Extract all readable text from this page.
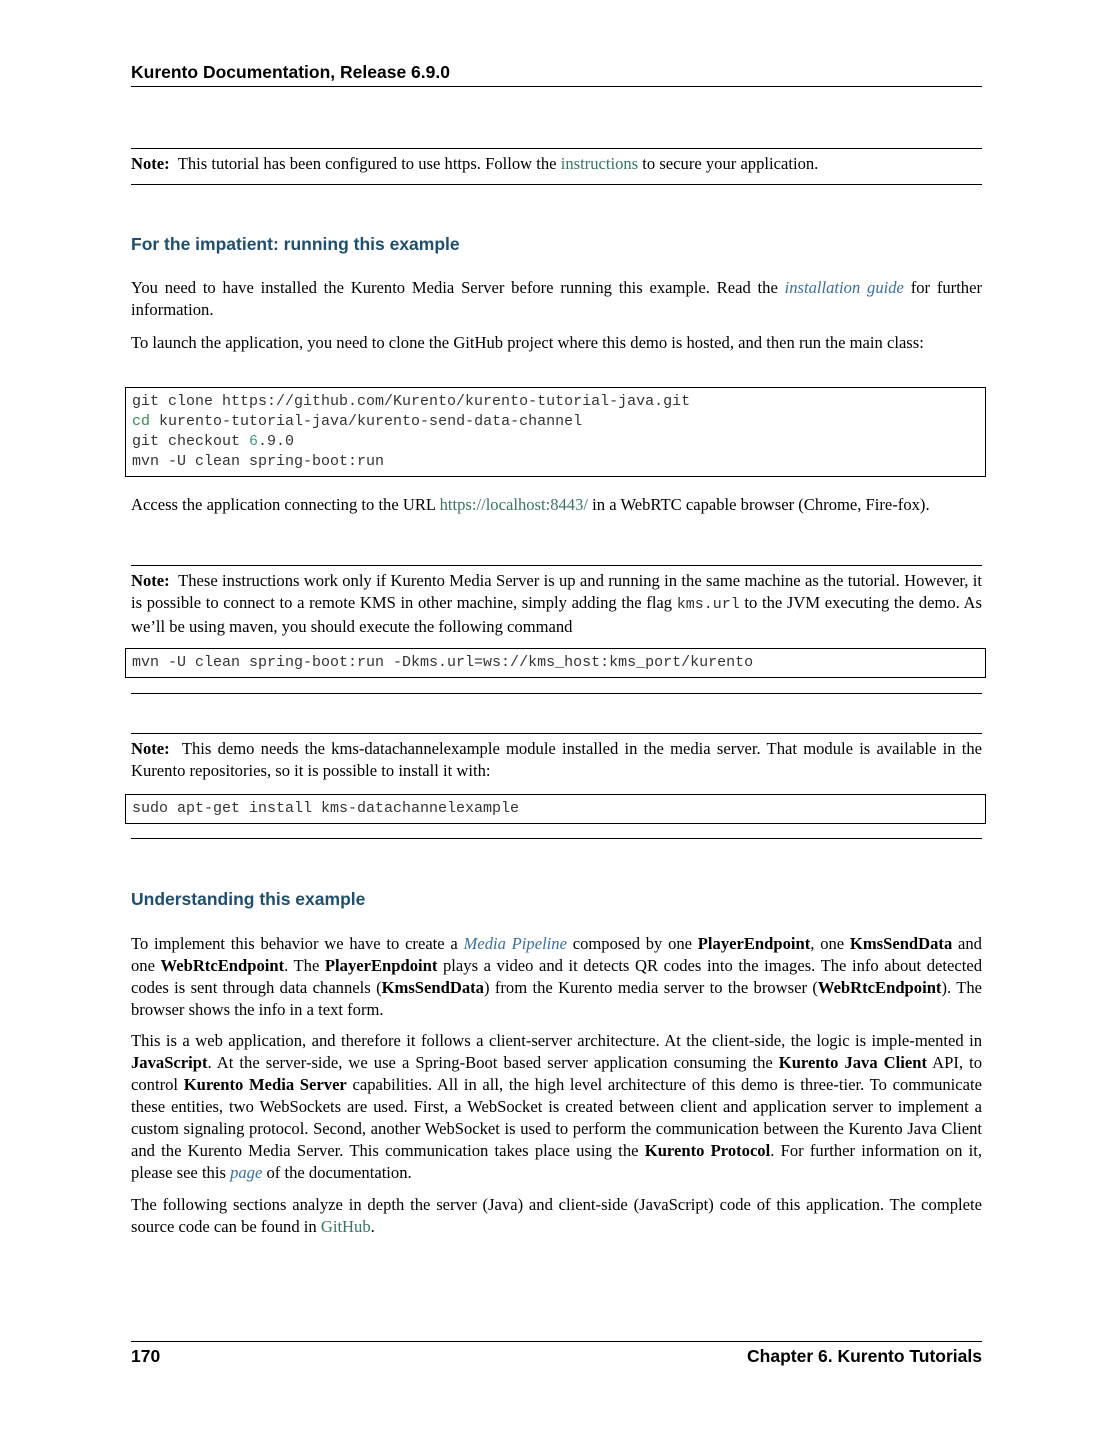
Kurento Documentation, Release 6.9.0
Note: This tutorial has been configured to use https. Follow the instructions to secure your application.
For the impatient: running this example
You need to have installed the Kurento Media Server before running this example. Read the installation guide for further information.
To launch the application, you need to clone the GitHub project where this demo is hosted, and then run the main class:
git clone https://github.com/Kurento/kurento-tutorial-java.git
cd kurento-tutorial-java/kurento-send-data-channel
git checkout 6.9.0
mvn -U clean spring-boot:run
Access the application connecting to the URL https://localhost:8443/ in a WebRTC capable browser (Chrome, Fire-fox).
Note: These instructions work only if Kurento Media Server is up and running in the same machine as the tutorial. However, it is possible to connect to a remote KMS in other machine, simply adding the flag kms.url to the JVM executing the demo. As we’ll be using maven, you should execute the following command
mvn -U clean spring-boot:run -Dkms.url=ws://kms_host:kms_port/kurento
Note: This demo needs the kms-datachannelexample module installed in the media server. That module is available in the Kurento repositories, so it is possible to install it with:
sudo apt-get install kms-datachannelexample
Understanding this example
To implement this behavior we have to create a Media Pipeline composed by one PlayerEndpoint, one KmsSendData and one WebRtcEndpoint. The PlayerEnpdoint plays a video and it detects QR codes into the images. The info about detected codes is sent through data channels (KmsSendData) from the Kurento media server to the browser (WebRtcEndpoint). The browser shows the info in a text form.
This is a web application, and therefore it follows a client-server architecture. At the client-side, the logic is imple-mented in JavaScript. At the server-side, we use a Spring-Boot based server application consuming the Kurento Java Client API, to control Kurento Media Server capabilities. All in all, the high level architecture of this demo is three-tier. To communicate these entities, two WebSockets are used. First, a WebSocket is created between client and application server to implement a custom signaling protocol. Second, another WebSocket is used to perform the communication between the Kurento Java Client and the Kurento Media Server. This communication takes place using the Kurento Protocol. For further information on it, please see this page of the documentation.
The following sections analyze in depth the server (Java) and client-side (JavaScript) code of this application. The complete source code can be found in GitHub.
170	Chapter 6. Kurento Tutorials
